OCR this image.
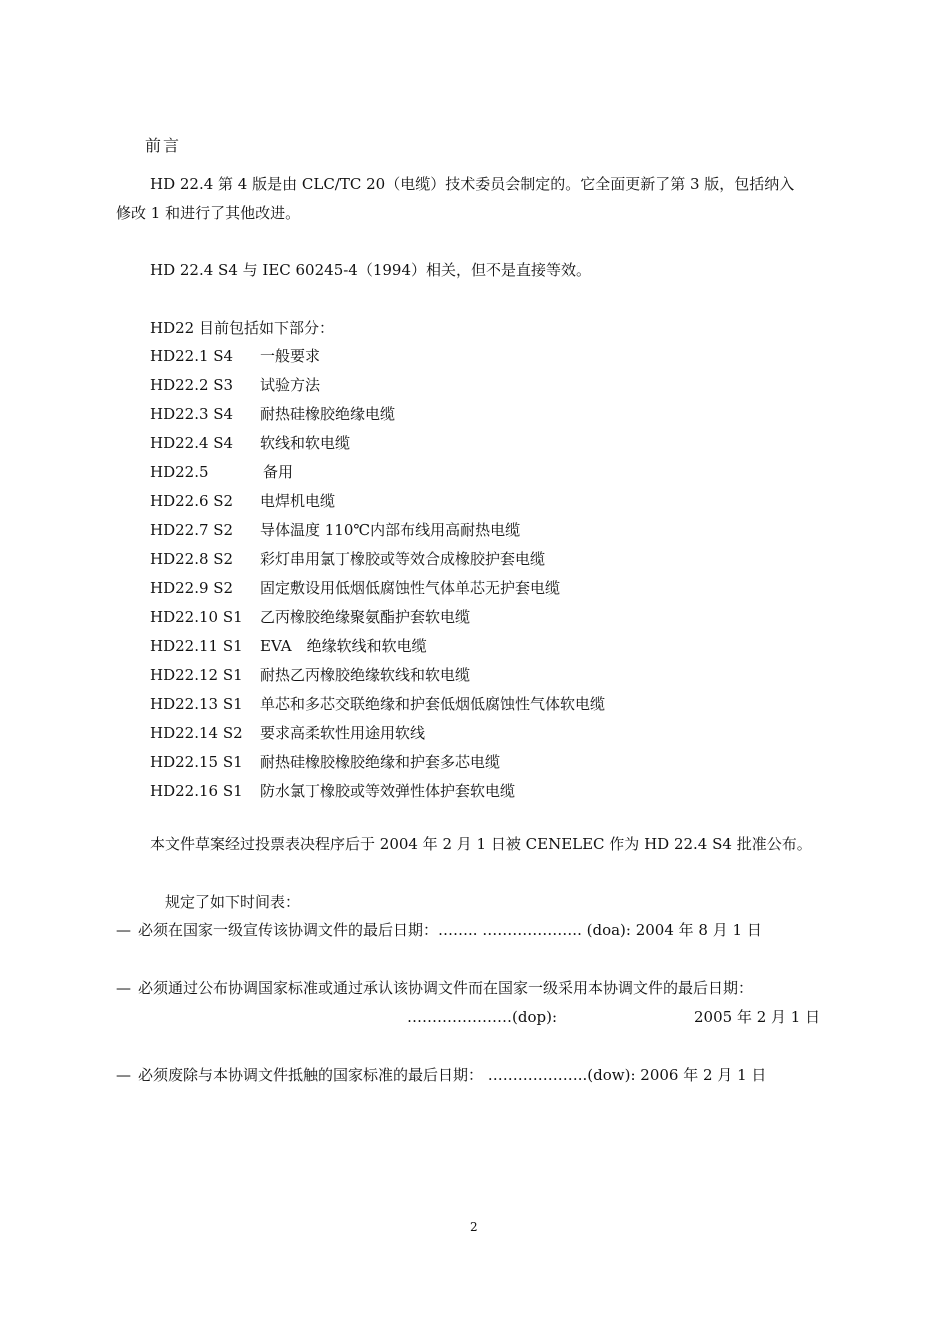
前言
HD 22.4 第 4 版是由 CLC/TC 20（电缆）技术委员会制定的。它全面更新了第 3 版，包括纳入
修改 1 和进行了其他改进。
HD 22.4 S4 与 IEC 60245-4（1994）相关，但不是直接等效。
HD22 目前包括如下部分：
HD22.1 S4 一般要求
HD22.2 S3 试验方法
HD22.3 S4 耐热硅橡胶绝缘电缆
HD22.4 S4 软线和软电缆
HD22.5	备用
HD22.6 S2 电焊机电缆
HD22.7 S2 导体温度 110℃内部布线用高耐热电缆
HD22.8 S2 彩灯串用氯丁橡胶或等效合成橡胶护套电缆
HD22.9 S2 固定敷设用低烟低腐蚀性气体单芯无护套电缆
HD22.10 S1 乙丙橡胶绝缘聚氨酯护套软电缆
HD22.11 S1 EVA　绝缘软线和软电缆
HD22.12 S1 耐热乙丙橡胶绝缘软线和软电缆
HD22.13 S1 单芯和多芯交联绝缘和护套低烟低腐蚀性气体软电缆
HD22.14 S2 要求高柔软性用途用软线
HD22.15 S1 耐热硅橡胶橡胶绝缘和护套多芯电缆
HD22.16 S1 防水氯丁橡胶或等效弹性体护套软电缆
本文件草案经过投票表决程序后于 2004 年 2 月 1 日被 CENELEC 作为 HD 22.4 S4 批准公布。
规定了如下时间表：
— 必须在国家一级宣传该协调文件的最后日期：…….. ……………….. (doa): 2004 年 8 月 1 日
— 必须通过公布协调国家标准或通过承认该协调文件而在国家一级采用本协调文件的最后日期：
…………………(dop):	2005 年 2 月 1 日
— 必须废除与本协调文件抵触的国家标准的最后日期： ………………..(dow): 2006 年 2 月 1 日
2
